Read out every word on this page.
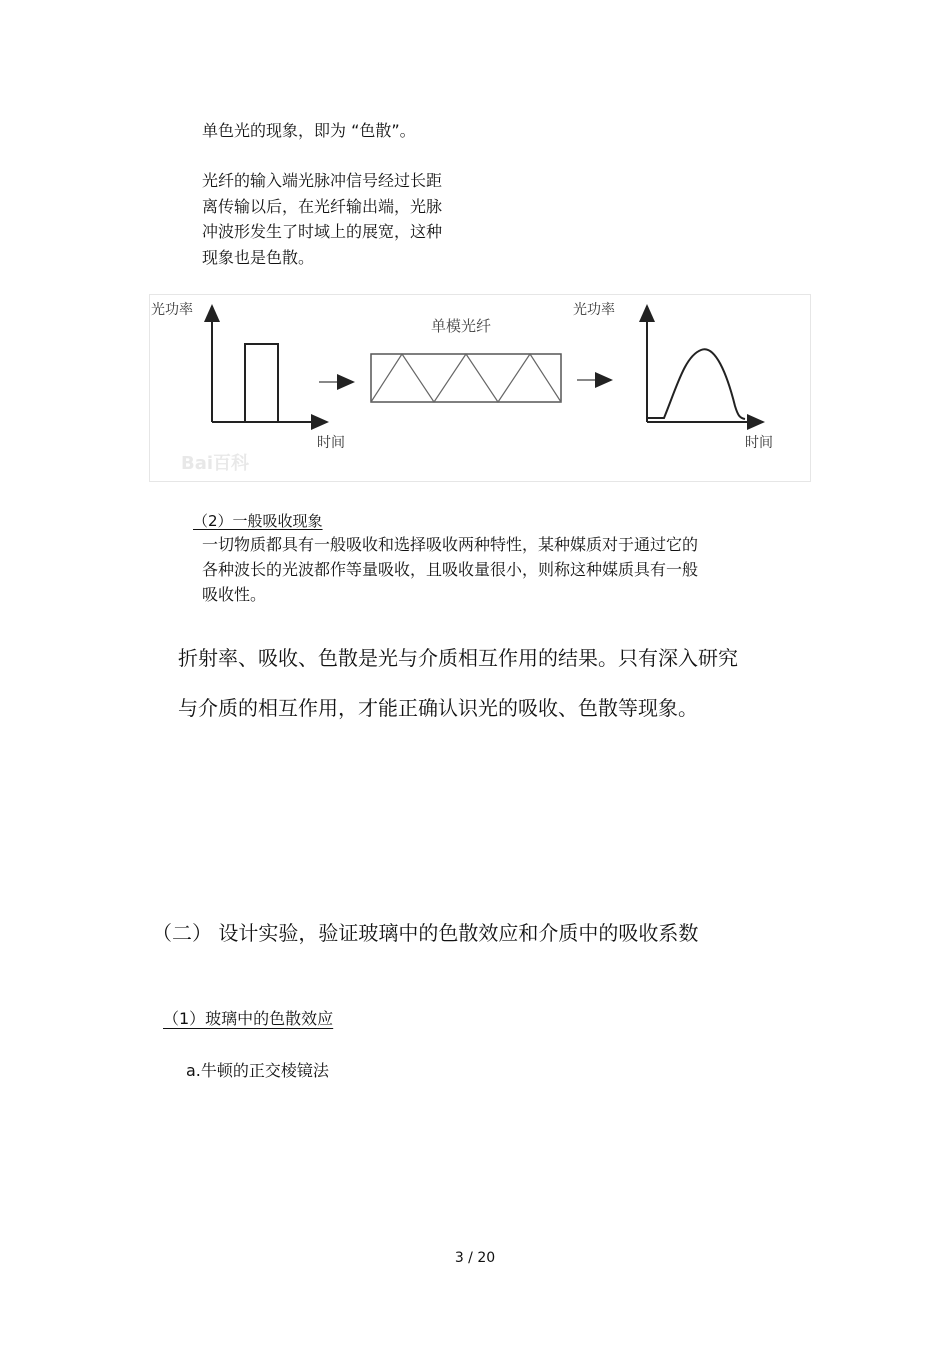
单色光的现象，即为 “色散”。
光纤的输入端光脉冲信号经过长距
离传输以后，在光纤输出端，光脉
冲波形发生了时域上的展宽，这种
现象也是色散。
光功率
时间
Bai百科
单模光纤
光功率
时间
（2）一般吸收现象
一切物质都具有一般吸收和选择吸收两种特性，某种媒质对于通过它的
各种波长的光波都作等量吸收，且吸收量很小，则称这种媒质具有一般
吸收性。
折射率、吸收、色散是光与介质相互作用的结果。只有深入研究
与介质的相互作用，才能正确认识光的吸收、色散等现象。
（二） 设计实验，验证玻璃中的色散效应和介质中的吸收系数
（1）玻璃中的色散效应
a.牛顿的正交棱镜法
3 / 20
